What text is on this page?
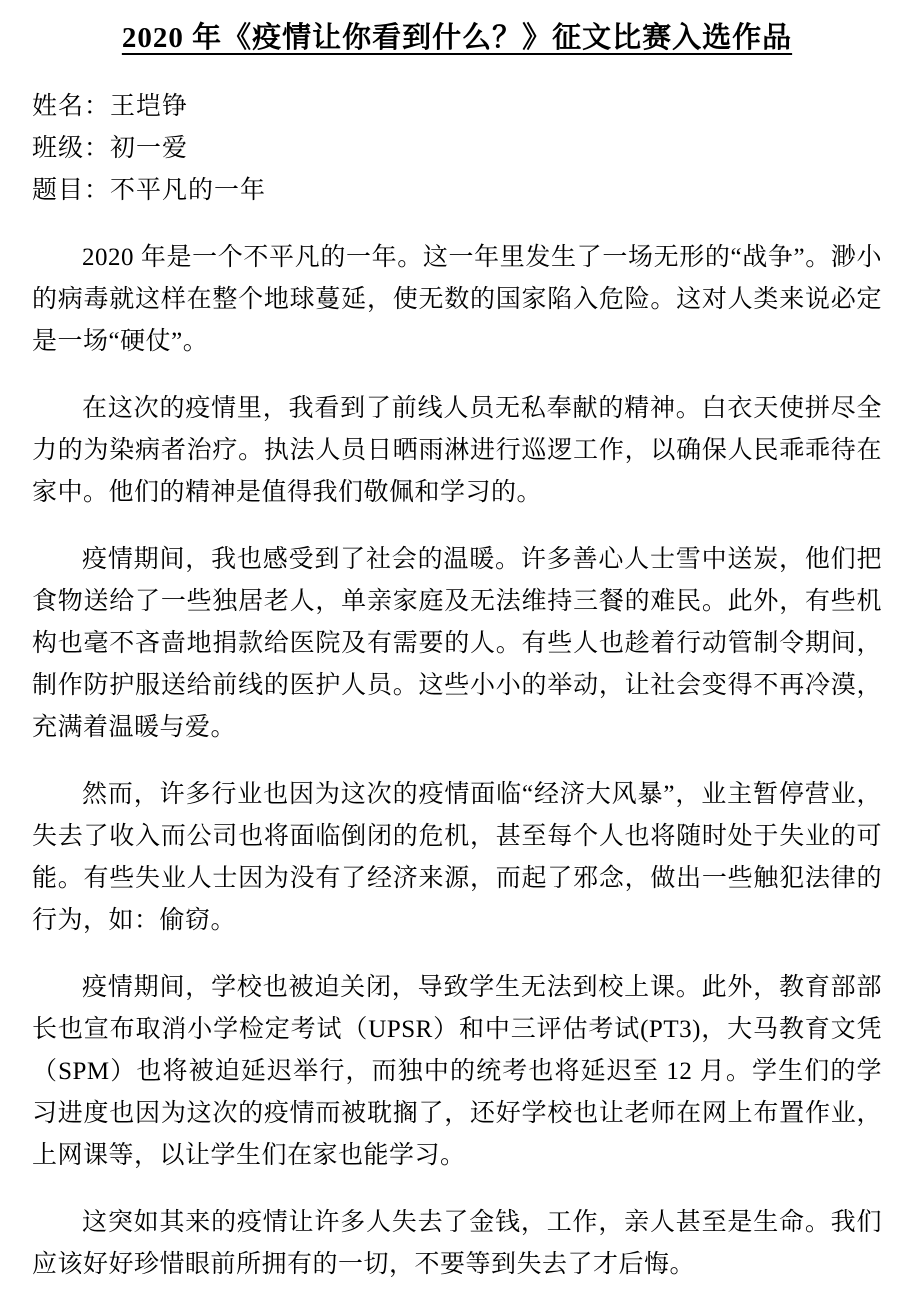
2020 年《疫情让你看到什么？》征文比赛入选作品
姓名：王垲铮
班级：初一爱
题目：不平凡的一年

2020 年是一个不平凡的一年。这一年里发生了一场无形的“战争”。渺小的病毒就这样在整个地球蔓延，使无数的国家陷入危险。这对人类来说必定是一场“硬仗”。

在这次的疫情里，我看到了前线人员无私奉献的精神。白衣天使拼尽全力的为染病者治疗。执法人员日晒雨淋进行巡逻工作，以确保人民乖乖待在家中。他们的精神是值得我们敬佩和学习的。

疫情期间，我也感受到了社会的温暖。许多善心人士雪中送炭，他们把食物送给了一些独居老人，单亲家庭及无法维持三餐的难民。此外，有些机构也毫不吝啬地捐款给医院及有需要的人。有些人也趁着行动管制令期间，制作防护服送给前线的医护人员。这些小小的举动，让社会变得不再冷漠，充满着温暖与爱。

然而，许多行业也因为这次的疫情面临“经济大风暴”，业主暂停营业，失去了收入而公司也将面临倒闭的危机，甚至每个人也将随时处于失业的可能。有些失业人士因为没有了经济来源，而起了邪念，做出一些触犯法律的行为，如：偷窃。

疫情期间，学校也被迫关闭，导致学生无法到校上课。此外，教育部部长也宣布取消小学检定考试（UPSR）和中三评估考试(PT3)，大马教育文凭（SPM）也将被迫延迟举行，而独中的统考也将延迟至 12 月。学生们的学习进度也因为这次的疫情而被耽搁了，还好学校也让老师在网上布置作业，上网课等，以让学生们在家也能学习。

这突如其来的疫情让许多人失去了金钱，工作，亲人甚至是生命。我们应该好好珍惜眼前所拥有的一切，不要等到失去了才后悔。
